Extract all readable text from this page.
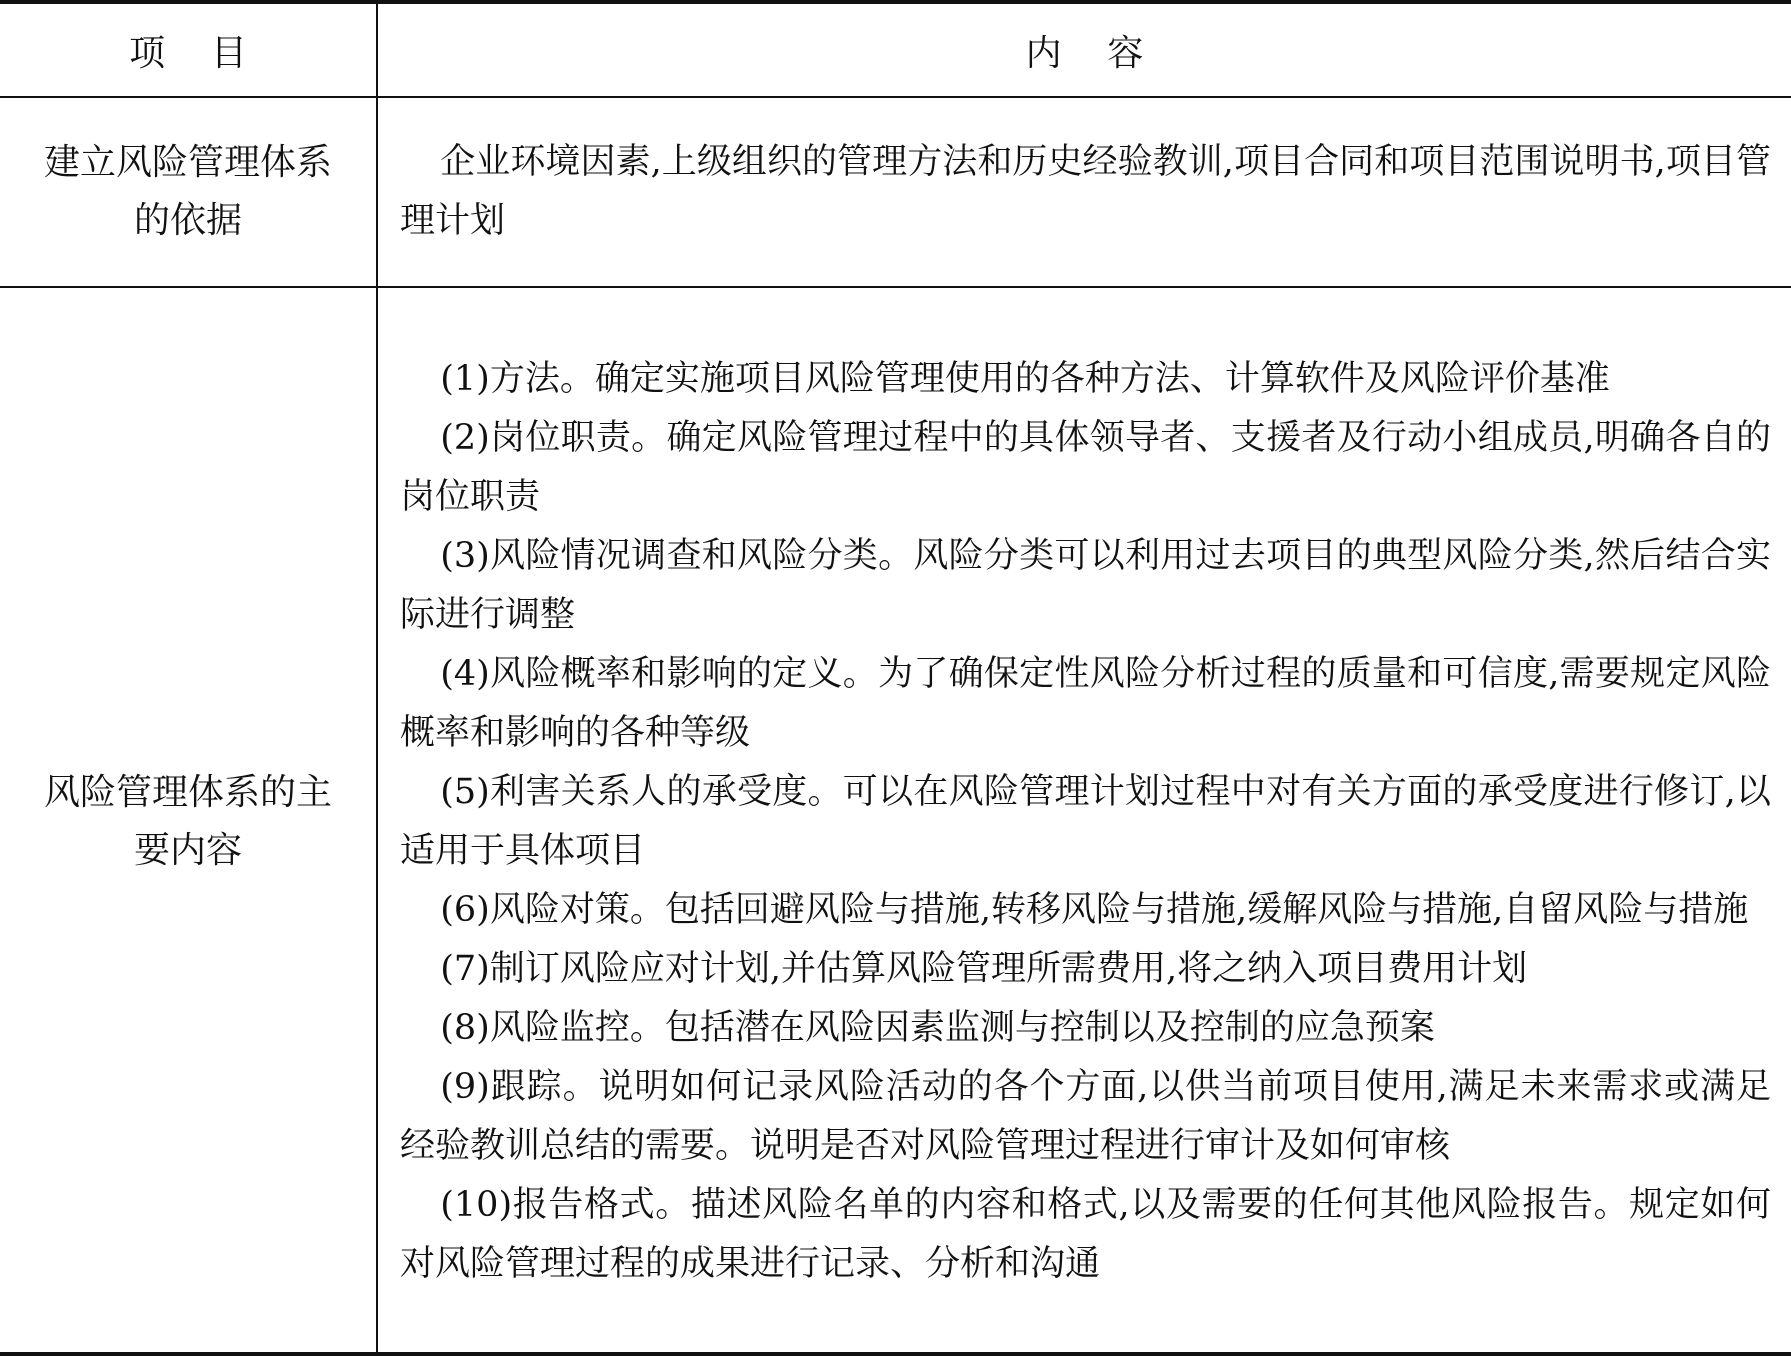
项    目	内    容
建立风险管理体系的依据

企业环境因素,上级组织的管理方法和历史经验教训,项目合同和项目范围说明书,项目管理计划

风险管理体系的主要内容

(1)方法。确定实施项目风险管理使用的各种方法、计算软件及风险评价基准

(2)岗位职责。确定风险管理过程中的具体领导者、支援者及行动小组成员,明确各自的岗位职责

(3)风险情况调查和风险分类。风险分类可以利用过去项目的典型风险分类,然后结合实际进行调整

(4)风险概率和影响的定义。为了确保定性风险分析过程的质量和可信度,需要规定风险概率和影响的各种等级

(5)利害关系人的承受度。可以在风险管理计划过程中对有关方面的承受度进行修订,以适用于具体项目

(6)风险对策。包括回避风险与措施,转移风险与措施,缓解风险与措施,自留风险与措施

(7)制订风险应对计划,并估算风险管理所需费用,将之纳入项目费用计划

(8)风险监控。包括潜在风险因素监测与控制以及控制的应急预案

(9)跟踪。说明如何记录风险活动的各个方面,以供当前项目使用,满足未来需求或满足经验教训总结的需要。说明是否对风险管理过程进行审计及如何审核

(10)报告格式。描述风险名单的内容和格式,以及需要的任何其他风险报告。规定如何对风险管理过程的成果进行记录、分析和沟通
